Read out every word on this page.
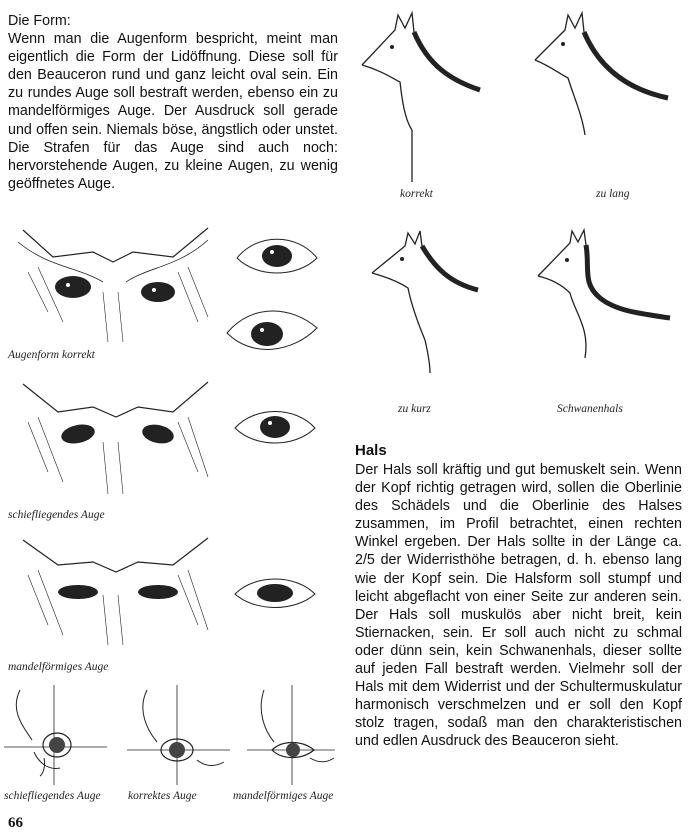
Die Form:
Wenn man die Augenform bespricht, meint man eigentlich die Form der Lidöffnung. Diese soll für den Beauceron rund und ganz leicht oval sein. Ein zu rundes Auge soll bestraft werden, ebenso ein zu mandelförmiges Auge. Der Ausdruck soll gerade und offen sein. Niemals böse, ängstlich oder unstet. Die Strafen für das Auge sind auch noch: hervorstehende Augen, zu kleine Augen, zu wenig geöffnetes Auge.
Augenform korrekt
schiefliegendes Auge
mandelförmiges Auge
schiefliegendes Auge korrektes Auge	mandelförmiges Auge
korrekt	zu lang
zu kurz	Schwanenhals
Hals
Der Hals soll kräftig und gut bemuskelt sein. Wenn der Kopf richtig getragen wird, sollen die Oberlinie des Schädels und die Oberlinie des Halses zusammen, im Profil betrachtet, einen rechten Winkel ergeben. Der Hals sollte in der Länge ca. 2/5 der Widerristhöhe betragen, d. h. ebenso lang wie der Kopf sein. Die Halsform soll stumpf und leicht abgeflacht von einer Seite zur anderen sein. Der Hals soll muskulös aber nicht breit, kein Stiernacken, sein. Er soll auch nicht zu schmal oder dünn sein, kein Schwanenhals, dieser sollte auf jeden Fall bestraft werden. Vielmehr soll der Hals mit dem Widerrist und der Schultermuskulatur harmonisch verschmelzen und er soll den Kopf stolz tragen, sodaß man den charakteristischen und edlen Ausdruck des Beauceron sieht.
66
